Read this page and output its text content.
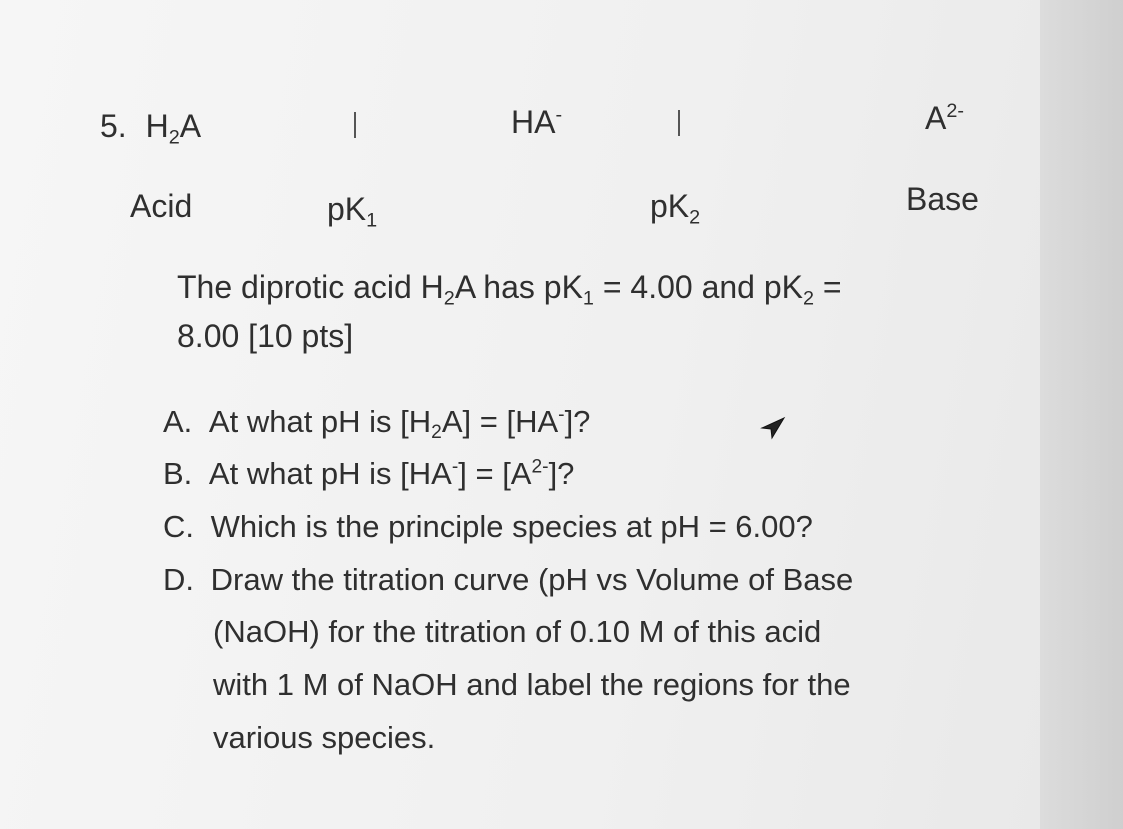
5. $H_2A$	HA-	$A^{2-}$
Acid	$pK_1$	$pK_2$
Base
The diprotic acid $H_2A$ has $pK_1 = 4.00$ and $pK_2$ =
8.00 [10 pts]
A. At what pH is $[H_2A] = [HA^-]$?
B. At what pH is $[HA^-] = [A^{2-}]$?
C. Which is the principle species at pH = 6.00?
D. Draw the titration curve (pH vs Volume of Base
(NaOH) for the titration of 0.10 M of this acid
with 1 M of NaOH and label the regions for the
various species.
